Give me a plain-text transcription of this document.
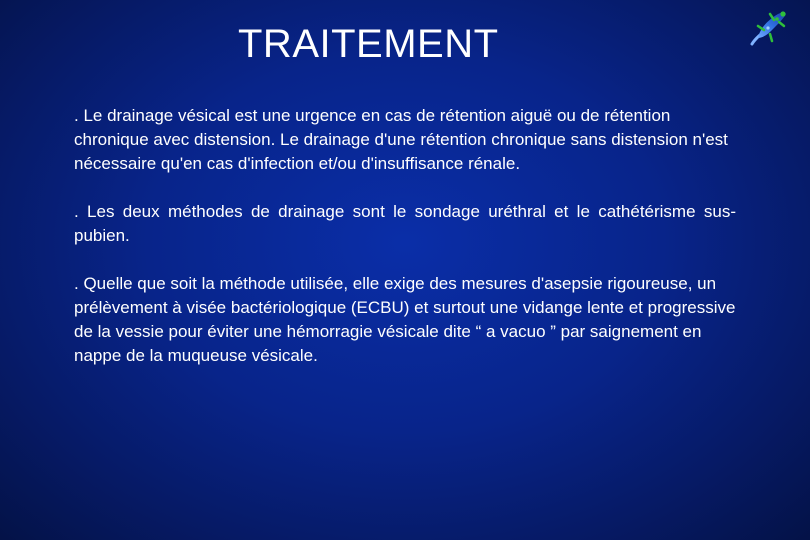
TRAITEMENT

. Le drainage vésical est une urgence en cas de rétention aiguë ou de rétention chronique avec distension. Le drainage d'une rétention chronique sans distension n'est nécessaire qu'en cas d'infection et/ou d'insuffisance rénale.

. Les deux méthodes de drainage sont le sondage uréthral et le cathétérisme sus-pubien.

. Quelle que soit la méthode utilisée, elle exige des mesures d'asepsie rigoureuse, un prélèvement à visée bactériologique (ECBU) et surtout une vidange lente et progressive de la vessie pour éviter une hémorragie vésicale dite “ a vacuo ” par saignement en nappe de la muqueuse vésicale.
